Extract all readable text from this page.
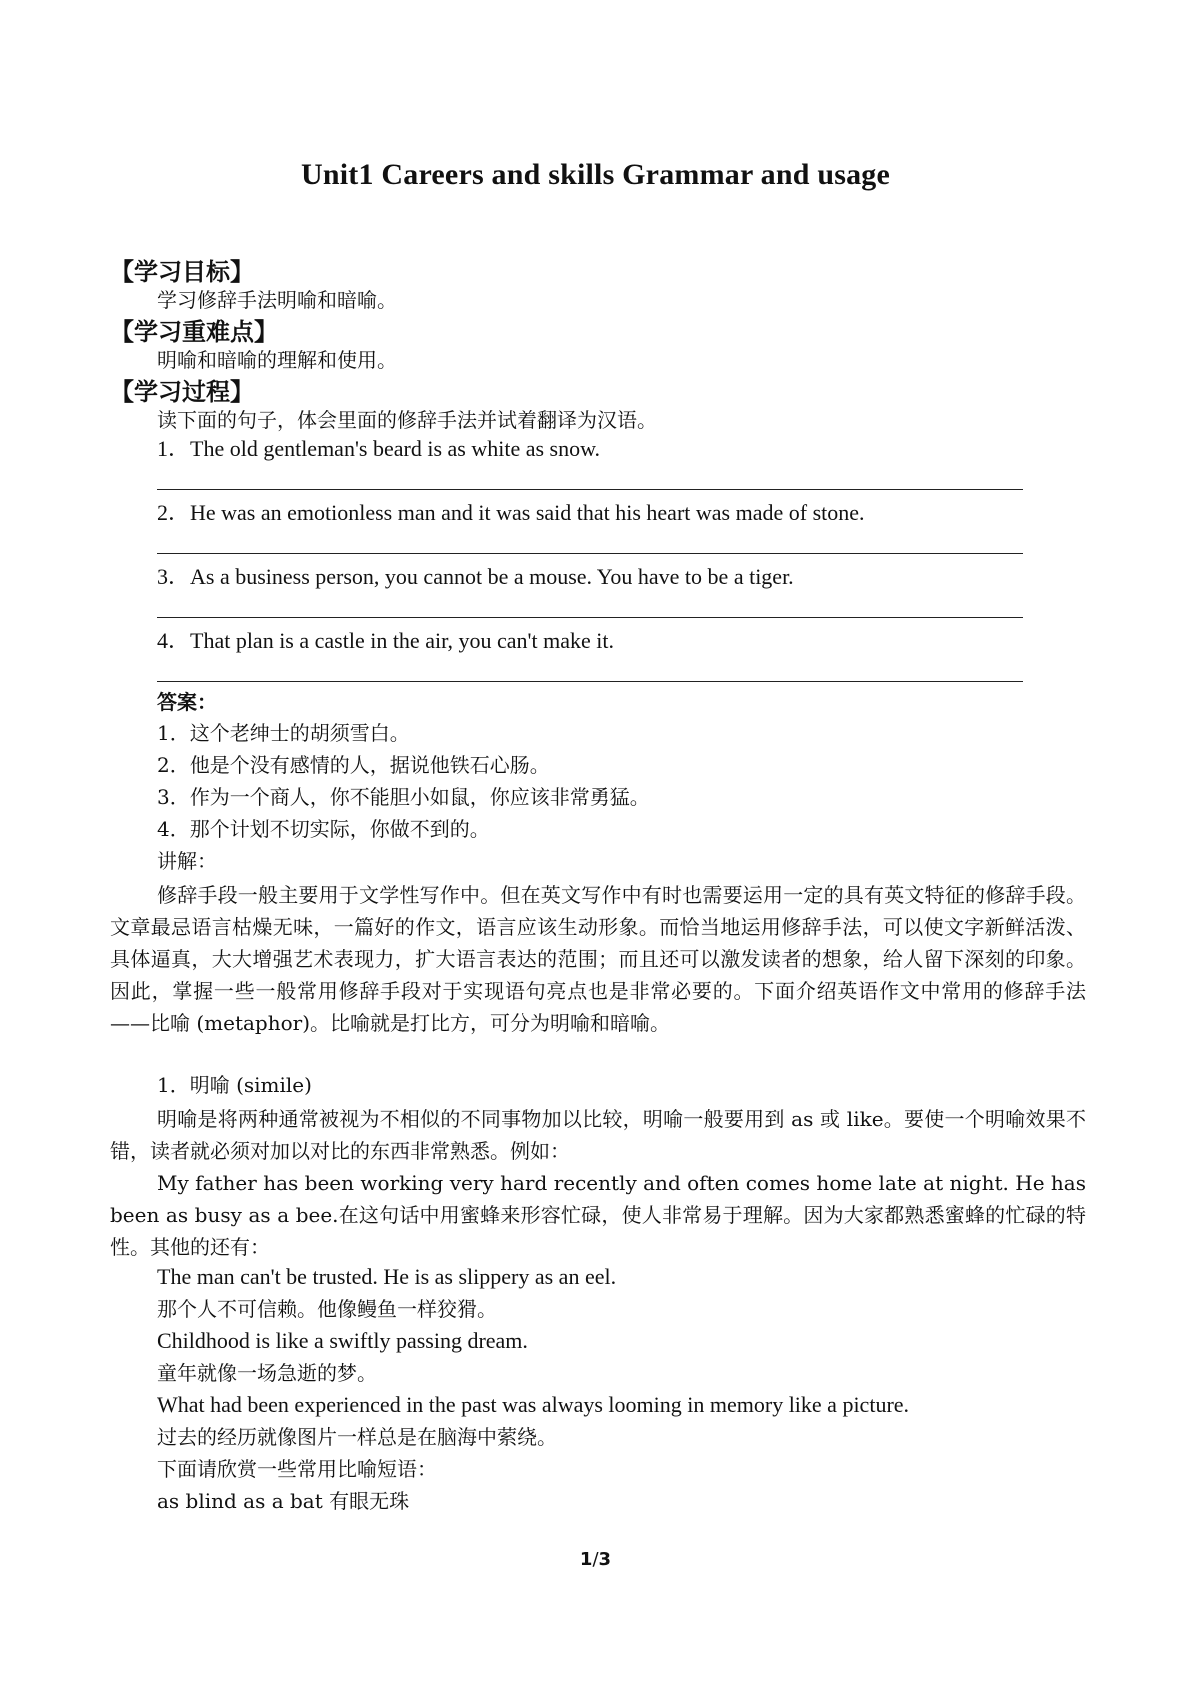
Unit1 Careers and skills Grammar and usage
【学习目标】
学习修辞手法明喻和暗喻。
【学习重难点】
明喻和暗喻的理解和使用。
【学习过程】
读下面的句子，体会里面的修辞手法并试着翻译为汉语。
1．The old gentleman's beard is as white as snow.
2．He was an emotionless man and it was said that his heart was made of stone.
3．As a business person, you cannot be a mouse. You have to be a tiger.
4．That plan is a castle in the air, you can't make it.
答案：
1．这个老绅士的胡须雪白。
2．他是个没有感情的人，据说他铁石心肠。
3．作为一个商人，你不能胆小如鼠，你应该非常勇猛。
4．那个计划不切实际，你做不到的。
讲解：
修辞手段一般主要用于文学性写作中。但在英文写作中有时也需要运用一定的具有英文特征的修辞手段。文章最忌语言枯燥无味，一篇好的作文，语言应该生动形象。而恰当地运用修辞手法，可以使文字新鲜活泼、具体逼真，大大增强艺术表现力，扩大语言表达的范围；而且还可以激发读者的想象，给人留下深刻的印象。因此，掌握一些一般常用修辞手段对于实现语句亮点也是非常必要的。下面介绍英语作文中常用的修辞手法——比喻 (metaphor)。比喻就是打比方，可分为明喻和暗喻。
1．明喻 (simile)
明喻是将两种通常被视为不相似的不同事物加以比较，明喻一般要用到 as 或 like。要使一个明喻效果不错，读者就必须对加以对比的东西非常熟悉。例如：
My father has been working very hard recently and often comes home late at night. He has been as busy as a bee.在这句话中用蜜蜂来形容忙碌，使人非常易于理解。因为大家都熟悉蜜蜂的忙碌的特性。其他的还有：
The man can't be trusted. He is as slippery as an eel.
那个人不可信赖。他像鳗鱼一样狡猾。
Childhood is like a swiftly passing dream.
童年就像一场急逝的梦。
What had been experienced in the past was always looming in memory like a picture.
过去的经历就像图片一样总是在脑海中萦绕。
下面请欣赏一些常用比喻短语：
as blind as a bat 有眼无珠
1/3
